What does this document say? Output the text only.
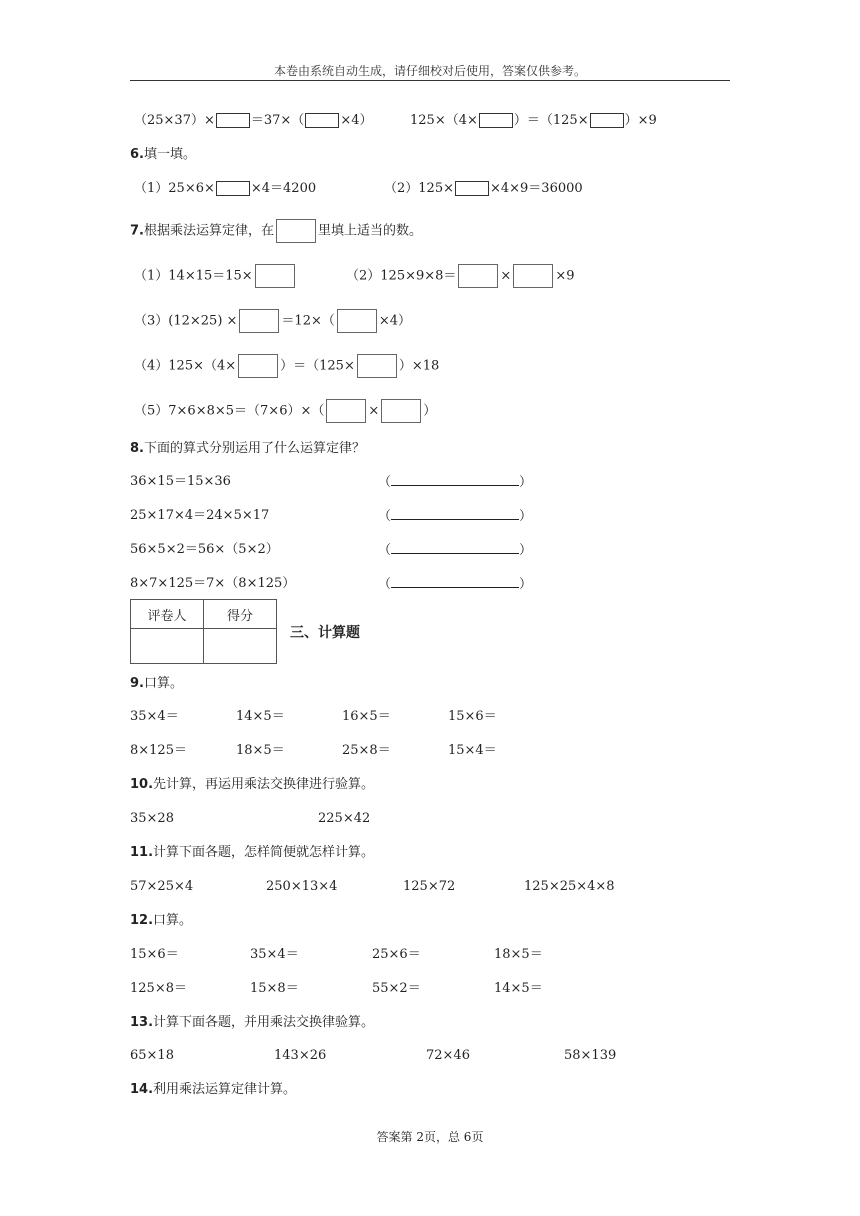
本卷由系统自动生成，请仔细校对后使用，答案仅供参考。
（25×37）×	＝37×（	×4）	125×（4×	）＝（125×	）×9
6.填一填。
（1）25×6×	×4＝4200	（2）125×	×4×9＝36000
7.根据乘法运算定律，在	里填上适当的数。
（1）14×15＝15×	（2）125×9×8＝	×	×9
（3）(12×25) ×	＝12×（	×4）
（4）125×（4×	）＝（125×	）×18
（5）7×6×8×5＝（7×6）×（	×	）
8.下面的算式分别运用了什么运算定律？
36×15＝15×36	（	）
25×17×4＝24×5×17	（	）
56×5×2＝56×（5×2）	（	）
8×7×125＝7×（8×125）	（	）
评卷人	得分

三、计算题
9.口算。
35×4＝	14×5＝	16×5＝	15×6＝
8×125＝	18×5＝	25×8＝	15×4＝
10.先计算，再运用乘法交换律进行验算。
35×28	225×42
11.计算下面各题，怎样简便就怎样计算。
57×25×4	250×13×4	125×72	125×25×4×8
12.口算。
15×6＝	35×4＝	25×6＝	18×5＝
125×8＝	15×8＝	55×2＝	14×5＝
13.计算下面各题，并用乘法交换律验算。
65×18	143×26	72×46	58×139
14.利用乘法运算定律计算。
答案第 2页，总 6页
